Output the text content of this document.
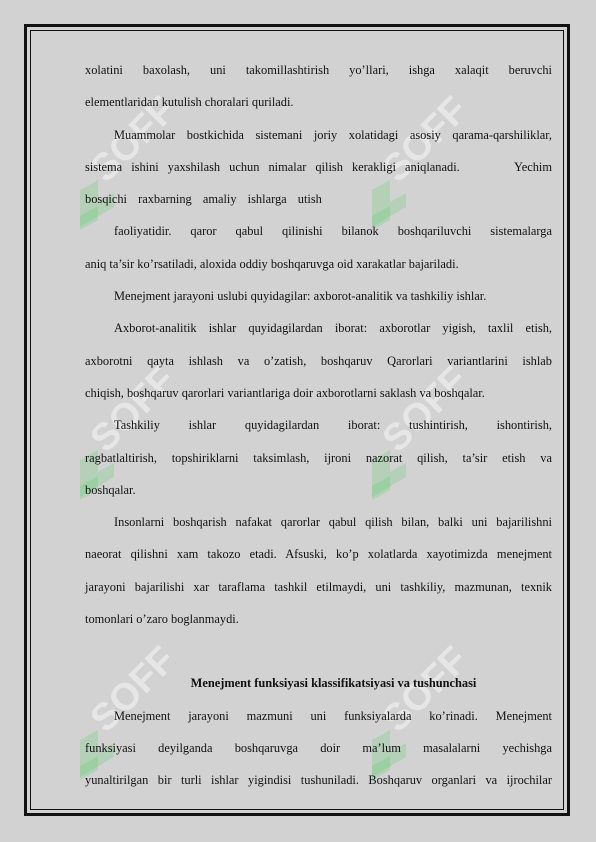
xolatini baxolash, uni takomillashtirish yo’llari, ishga xalaqit beruvchi

elementlaridan kutulish choralari quriladi.

Muammolar bostkichida sistemani joriy xolatidagi asosiy qarama-qarshiliklar,

sistema ishini yaxshilash uchun nimalar qilish kerakligi aniqlanadi.      Yechim

bosqichi raxbarning amaliy ishlarga utish

faoliyatidir. qaror qabul qilinishi bilanok boshqariluvchi sistemalarga

aniq ta’sir ko’rsatiladi, aloxida oddiy boshqaruvga oid xarakatlar bajariladi.

Menejment jarayoni uslubi quyidagilar: axborot-analitik va tashkiliy ishlar.

Axborot-analitik ishlar quyidagilardan iborat: axborotlar yigish, taxlil etish,

axborotni qayta ishlash va o’zatish, boshqaruv Qarorlari variantlarini ishlab

chiqish, boshqaruv qarorlari variantlariga doir axborotlarni saklash va boshqalar.

Tashkiliy ishlar quyidagilardan iborat: tushintirish, ishontirish,

ragbatlaltirish, topshiriklarni taksimlash, ijroni nazorat qilish, ta’sir etish va

boshqalar.

Insonlarni boshqarish nafakat qarorlar qabul qilish bilan, balki uni bajarilishni

naeorat qilishni xam takozo etadi. Afsuski, ko’p xolatlarda xayotimizda menejment

jarayoni bajarilishi xar taraflama tashkil etilmaydi, uni tashkiliy, mazmunan, texnik

tomonlari o’zaro boglanmaydi.

Menejment funksiyasi klassifikatsiyasi va tushunchasi

Menejment jarayoni mazmuni uni funksiyalarda ko’rinadi. Menejment

funksiyasi deyilganda boshqaruvga doir ma’lum masalalarni yechishga

yunaltirilgan bir turli ishlar yigindisi tushuniladi. Boshqaruv organlari va ijrochilar
